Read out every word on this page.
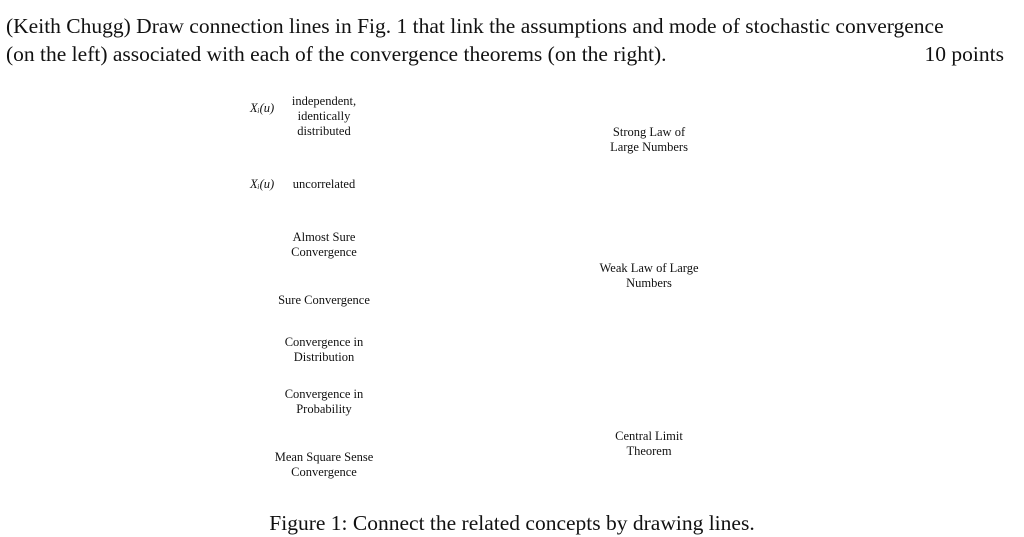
(Keith Chugg) Draw connection lines in Fig. 1 that link the assumptions and mode of stochastic convergence
(on the left) associated with each of the convergence theorems (on the right).	10 points
Xᵢ(u)	independent,
identically
distributed
Xᵢ(u)	uncorrelated
Almost Sure
Convergence
Sure Convergence
Convergence in
Distribution
Convergence in
Probability
Mean Square Sense
Convergence
Strong Law of
Large Numbers
Weak Law of Large
Numbers
Central Limit
Theorem
Figure 1: Connect the related concepts by drawing lines.
